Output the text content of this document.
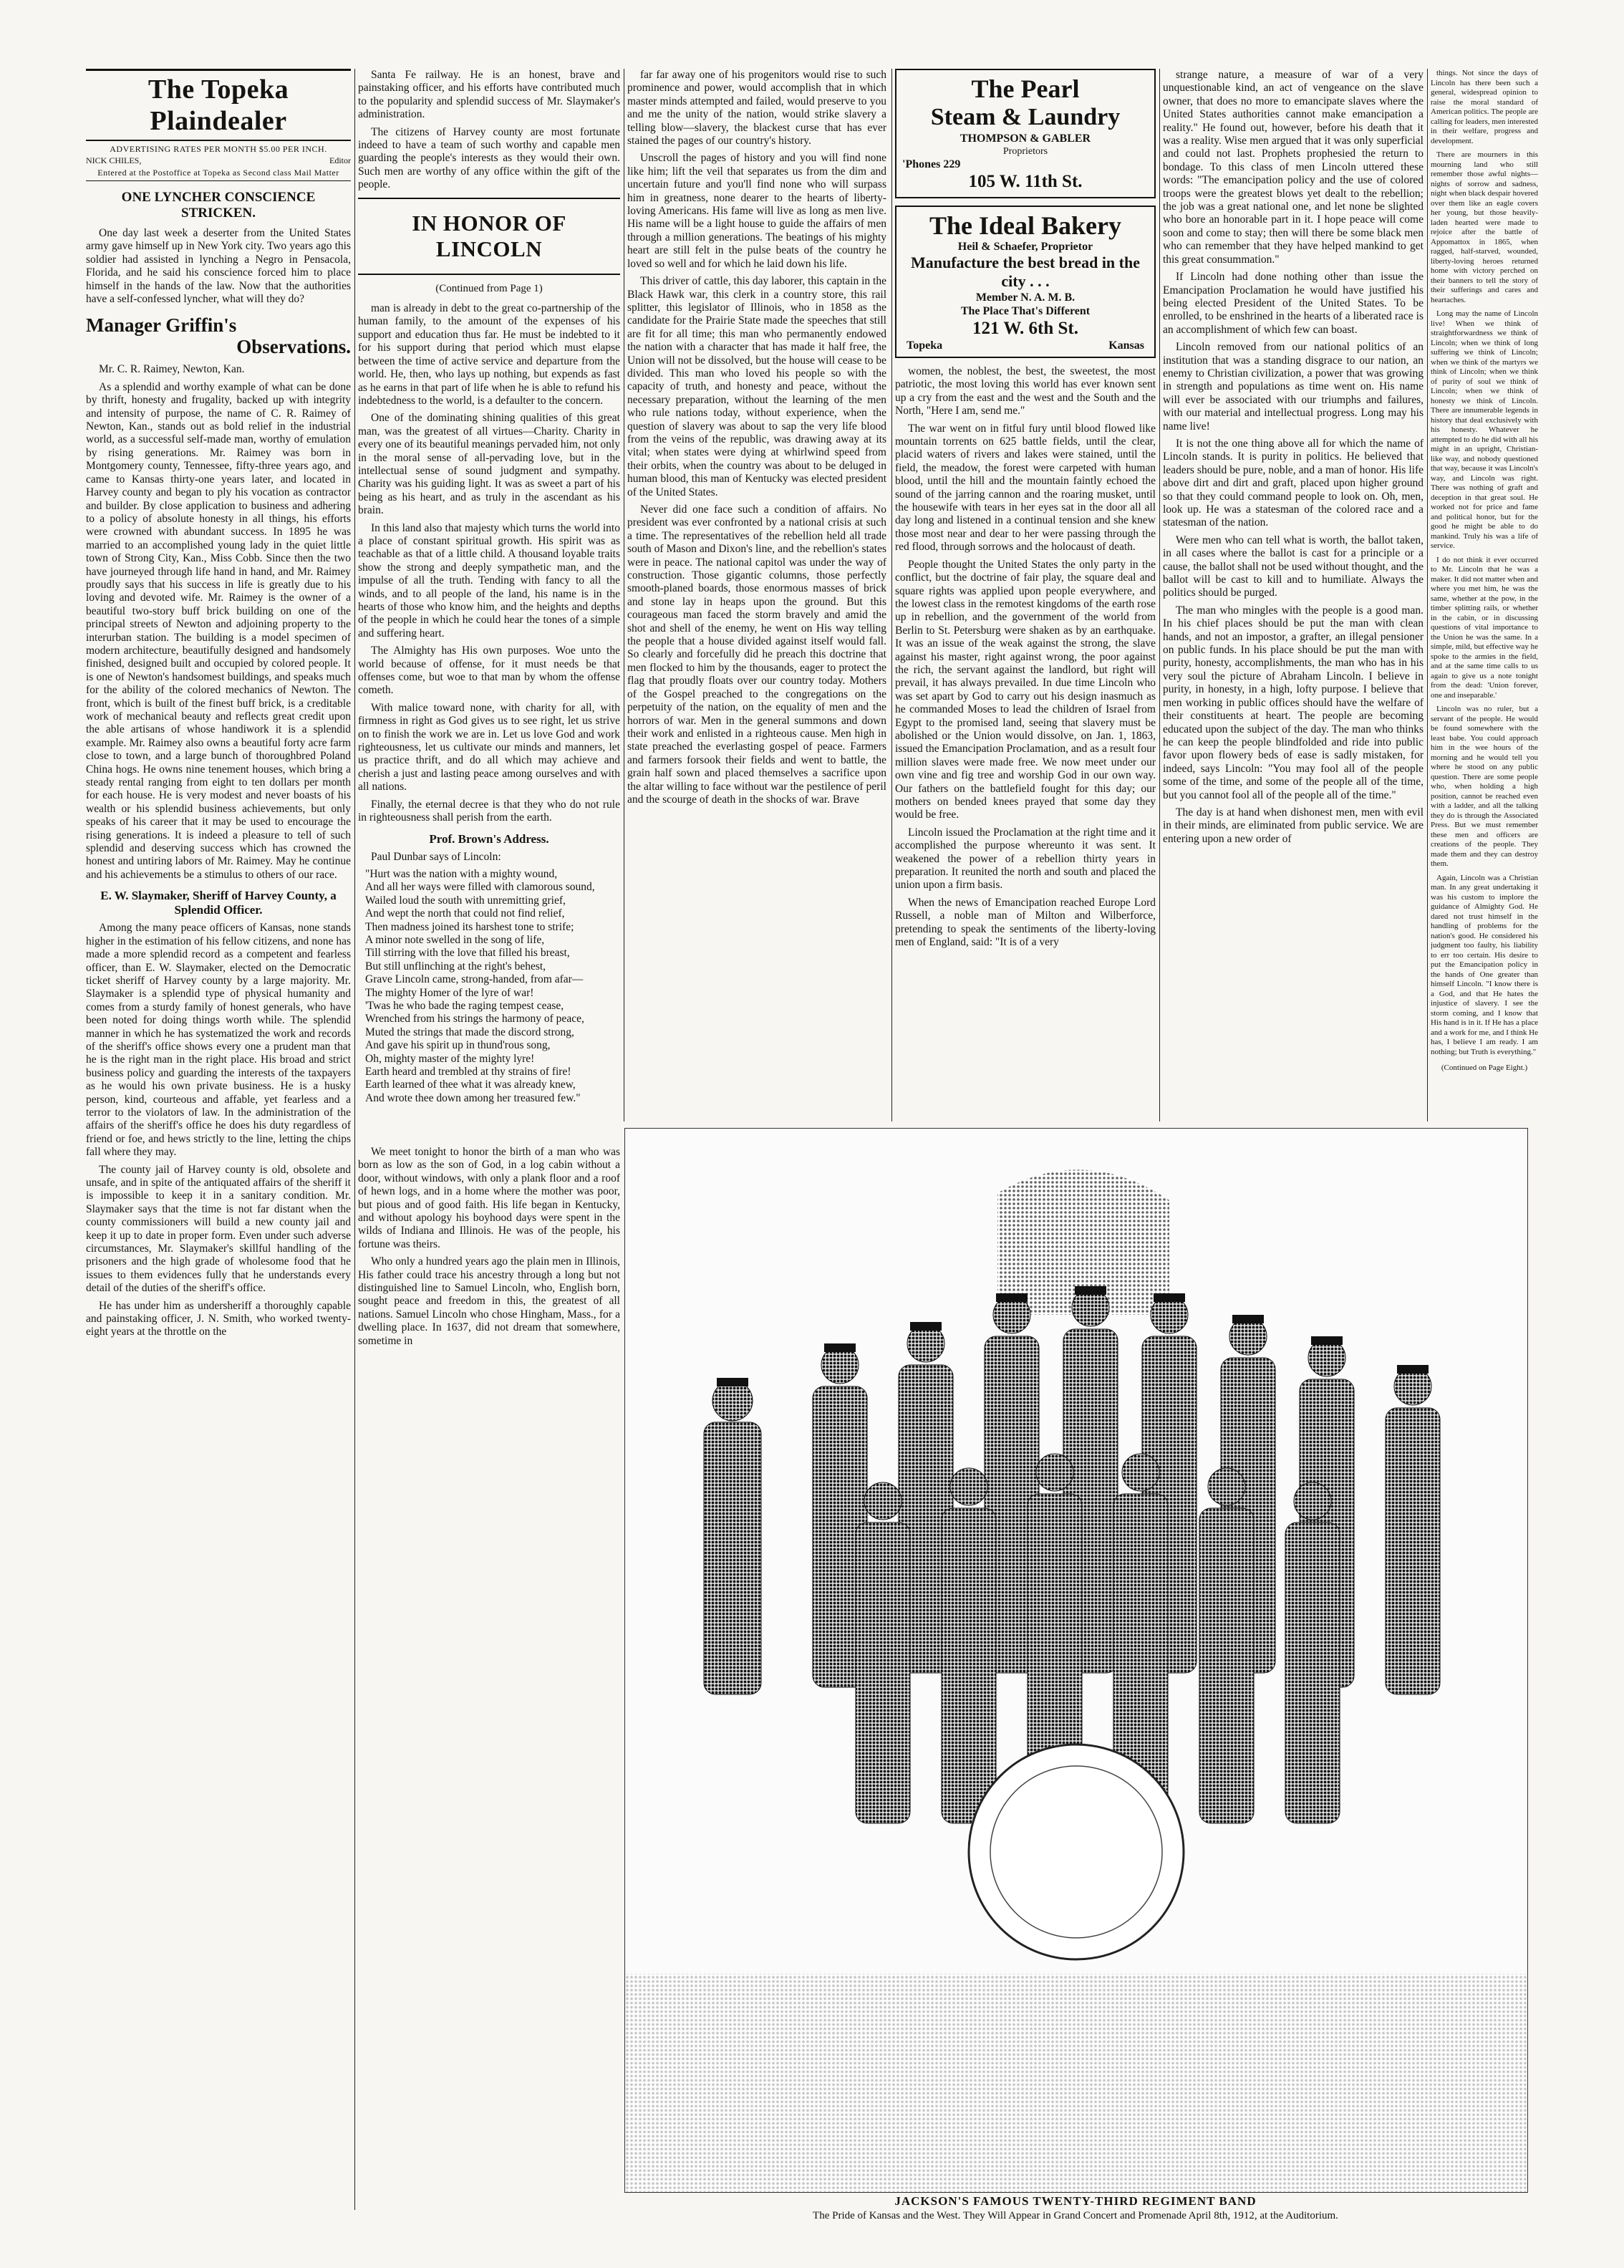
The Topeka Plaindealer

ADVERTISING RATES PER MONTH $5.00 PER INCH.

NICK CHILES,	Editor

Entered at the Postoffice at Topeka as Second class Mail Matter

ONE LYNCHER CONSCIENCE STRICKEN.

One day last week a deserter from the United States army gave himself up in New York city. Two years ago this soldier had assisted in lynching a Negro in Pensacola, Florida, and he said his conscience forced him to place himself in the hands of the law. Now that the authorities have a self-confessed lyncher, what will they do?

Manager Griffin's
Observations.

Mr. C. R. Raimey, Newton, Kan.

As a splendid and worthy example of what can be done by thrift, honesty and frugality, backed up with integrity and intensity of purpose, the name of C. R. Raimey of Newton, Kan., stands out as bold relief in the industrial world, as a successful self-made man, worthy of emulation by rising generations. Mr. Raimey was born in Montgomery county, Tennessee, fifty-three years ago, and came to Kansas thirty-one years later, and located in Harvey county and began to ply his vocation as contractor and builder. By close application to business and adhering to a policy of absolute honesty in all things, his efforts were crowned with abundant success. In 1895 he was married to an accomplished young lady in the quiet little town of Strong City, Kan., Miss Cobb. Since then the two have journeyed through life hand in hand, and Mr. Raimey proudly says that his success in life is greatly due to his loving and devoted wife. Mr. Raimey is the owner of a beautiful two-story buff brick building on one of the principal streets of Newton and adjoining property to the interurban station. The building is a model specimen of modern architecture, beautifully designed and handsomely finished, designed built and occupied by colored people. It is one of Newton's handsomest buildings, and speaks much for the ability of the colored mechanics of Newton. The front, which is built of the finest buff brick, is a creditable work of mechanical beauty and reflects great credit upon the able artisans of whose handiwork it is a splendid example. Mr. Raimey also owns a beautiful forty acre farm close to town, and a large bunch of thoroughbred Poland China hogs. He owns nine tenement houses, which bring a steady rental ranging from eight to ten dollars per month for each house. He is very modest and never boasts of his wealth or his splendid business achievements, but only speaks of his career that it may be used to encourage the rising generations. It is indeed a pleasure to tell of such splendid and deserving success which has crowned the honest and untiring labors of Mr. Raimey. May he continue and his achievements be a stimulus to others of our race.

E. W. Slaymaker, Sheriff of Harvey County, a Splendid Officer.

Among the many peace officers of Kansas, none stands higher in the estimation of his fellow citizens, and none has made a more splendid record as a competent and fearless officer, than E. W. Slaymaker, elected on the Democratic ticket sheriff of Harvey county by a large majority. Mr. Slaymaker is a splendid type of physical humanity and comes from a sturdy family of honest generals, who have been noted for doing things worth while. The splendid manner in which he has systematized the work and records of the sheriff's office shows every one a prudent man that he is the right man in the right place. His broad and strict business policy and guarding the interests of the taxpayers as he would his own private business. He is a husky person, kind, courteous and affable, yet fearless and a terror to the violators of law. In the administration of the affairs of the sheriff's office he does his duty regardless of friend or foe, and hews strictly to the line, letting the chips fall where they may.

The county jail of Harvey county is old, obsolete and unsafe, and in spite of the antiquated affairs of the sheriff it is impossible to keep it in a sanitary condition. Mr. Slaymaker says that the time is not far distant when the county commissioners will build a new county jail and keep it up to date in proper form. Even under such adverse circumstances, Mr. Slaymaker's skillful handling of the prisoners and the high grade of wholesome food that he issues to them evidences fully that he understands every detail of the duties of the sheriff's office.

He has under him as undersheriff a thoroughly capable and painstaking officer, J. N. Smith, who worked twenty-eight years at the throttle on the

Santa Fe railway. He is an honest, brave and painstaking officer, and his efforts have contributed much to the popularity and splendid success of Mr. Slaymaker's administration.

The citizens of Harvey county are most fortunate indeed to have a team of such worthy and capable men guarding the people's interests as they would their own. Such men are worthy of any office within the gift of the people.

IN HONOR OF LINCOLN

(Continued from Page 1)

man is already in debt to the great co-partnership of the human family, to the amount of the expenses of his support and education thus far. He must be indebted to it for his support during that period which must elapse between the time of active service and departure from the world. He, then, who lays up nothing, but expends as fast as he earns in that part of life when he is able to refund his indebtedness to the world, is a defaulter to the concern.

One of the dominating shining qualities of this great man, was the greatest of all virtues—Charity. Charity in every one of its beautiful meanings pervaded him, not only in the moral sense of all-pervading love, but in the intellectual sense of sound judgment and sympathy. Charity was his guiding light. It was as sweet a part of his being as his heart, and as truly in the ascendant as his brain.

In this land also that majesty which turns the world into a place of constant spiritual growth. His spirit was as teachable as that of a little child. A thousand loyable traits show the strong and deeply sympathetic man, and the impulse of all the truth. Tending with fancy to all the winds, and to all people of the land, his name is in the hearts of those who know him, and the heights and depths of the people in which he could hear the tones of a simple and suffering heart.

The Almighty has His own purposes. Woe unto the world because of offense, for it must needs be that offenses come, but woe to that man by whom the offense cometh.

With malice toward none, with charity for all, with firmness in right as God gives us to see right, let us strive on to finish the work we are in. Let us love God and work righteousness, let us cultivate our minds and manners, let us practice thrift, and do all which may achieve and cherish a just and lasting peace among ourselves and with all nations.

Finally, the eternal decree is that they who do not rule in righteousness shall perish from the earth.

Prof. Brown's Address.

Paul Dunbar says of Lincoln:

"Hurt was the nation with a mighty wound,

And all her ways were filled with clamorous sound,

Wailed loud the south with unremitting grief,

And wept the north that could not find relief,

Then madness joined its harshest tone to strife;

A minor note swelled in the song of life,

Till stirring with the love that filled his breast,

But still unflinching at the right's behest,

Grave Lincoln came, strong-handed, from afar—

The mighty Homer of the lyre of war!

'Twas he who bade the raging tempest cease,

Wrenched from his strings the harmony of peace,

Muted the strings that made the discord strong,

And gave his spirit up in thund'rous song,

Oh, mighty master of the mighty lyre!

Earth heard and trembled at thy strains of fire!

Earth learned of thee what it was already knew,

And wrote thee down among her treasured few."

We meet tonight to honor the birth of a man who was born as low as the son of God, in a log cabin without a door, without windows, with only a plank floor and a roof of hewn logs, and in a home where the mother was poor, but pious and of good faith. His life began in Kentucky, and without apology his boyhood days were spent in the wilds of Indiana and Illinois. He was of the people, his fortune was theirs.

Who only a hundred years ago the plain men in Illinois, His father could trace his ancestry through a long but not distinguished line to Samuel Lincoln, who, English born, sought peace and freedom in this, the greatest of all nations. Samuel Lincoln who chose Hingham, Mass., for a dwelling place. In 1637, did not dream that somewhere, sometime in

far far away one of his progenitors would rise to such prominence and power, would accomplish that in which master minds attempted and failed, would preserve to you and me the unity of the nation, would strike slavery a telling blow—slavery, the blackest curse that has ever stained the pages of our country's history.

Unscroll the pages of history and you will find none like him; lift the veil that separates us from the dim and uncertain future and you'll find none who will surpass him in greatness, none dearer to the hearts of liberty-loving Americans. His fame will live as long as men live. His name will be a light house to guide the affairs of men through a million generations. The beatings of his mighty heart are still felt in the pulse beats of the country he loved so well and for which he laid down his life.

This driver of cattle, this day laborer, this captain in the Black Hawk war, this clerk in a country store, this rail splitter, this legislator of Illinois, who in 1858 as the candidate for the Prairie State made the speeches that still are fit for all time; this man who permanently endowed the nation with a character that has made it half free, the Union will not be dissolved, but the house will cease to be divided. This man who loved his people so with the capacity of truth, and honesty and peace, without the necessary preparation, without the learning of the men who rule nations today, without experience, when the question of slavery was about to sap the very life blood from the veins of the republic, was drawing away at its vital; when states were dying at whirlwind speed from their orbits, when the country was about to be deluged in human blood, this man of Kentucky was elected president of the United States.

Never did one face such a condition of affairs. No president was ever confronted by a national crisis at such a time. The representatives of the rebellion held all trade south of Mason and Dixon's line, and the rebellion's states were in peace. The national capitol was under the way of construction. Those gigantic columns, those perfectly smooth-planed boards, those enormous masses of brick and stone lay in heaps upon the ground. But this courageous man faced the storm bravely and amid the shot and shell of the enemy, he went on His way telling the people that a house divided against itself would fall. So clearly and forcefully did he preach this doctrine that men flocked to him by the thousands, eager to protect the flag that proudly floats over our country today. Mothers of the Gospel preached to the congregations on the perpetuity of the nation, on the equality of men and the horrors of war. Men in the general summons and down their work and enlisted in a righteous cause. Men high in state preached the everlasting gospel of peace. Farmers and farmers forsook their fields and went to battle, the grain half sown and placed themselves a sacrifice upon the altar willing to face without war the pestilence of peril and the scourge of death in the shocks of war. Brave

The Pearl
Steam & Laundry
THOMPSON & GABLER
Proprietors
'Phones 229
105 W. 11th St.
The Ideal Bakery
Heil & Schaefer, Proprietor
Manufacture the best bread in the city . . .
Member N. A. M. B.
The Place That's Different
121 W. 6th St.
Topeka	Kansas

women, the noblest, the best, the sweetest, the most patriotic, the most loving this world has ever known sent up a cry from the east and the west and the South and the North, "Here I am, send me."

The war went on in fitful fury until blood flowed like mountain torrents on 625 battle fields, until the clear, placid waters of rivers and lakes were stained, until the field, the meadow, the forest were carpeted with human blood, until the hill and the mountain faintly echoed the sound of the jarring cannon and the roaring musket, until the housewife with tears in her eyes sat in the door all all day long and listened in a continual tension and she knew those most near and dear to her were passing through the red flood, through sorrows and the holocaust of death.

People thought the United States the only party in the conflict, but the doctrine of fair play, the square deal and square rights was applied upon people everywhere, and the lowest class in the remotest kingdoms of the earth rose up in rebellion, and the government of the world from Berlin to St. Petersburg were shaken as by an earthquake. It was an issue of the weak against the strong, the slave against his master, right against wrong, the poor against the rich, the servant against the landlord, but right will prevail, it has always prevailed. In due time Lincoln who was set apart by God to carry out his design inasmuch as he commanded Moses to lead the children of Israel from Egypt to the promised land, seeing that slavery must be abolished or the Union would dissolve, on Jan. 1, 1863, issued the Emancipation Proclamation, and as a result four million slaves were made free. We now meet under our own vine and fig tree and worship God in our own way. Our fathers on the battlefield fought for this day; our mothers on bended knees prayed that some day they would be free.

Lincoln issued the Proclamation at the right time and it accomplished the purpose whereunto it was sent. It weakened the power of a rebellion thirty years in preparation. It reunited the north and south and placed the union upon a firm basis.

When the news of Emancipation reached Europe Lord Russell, a noble man of Milton and Wilberforce, pretending to speak the sentiments of the liberty-loving men of England, said: "It is of a very

strange nature, a measure of war of a very unquestionable kind, an act of vengeance on the slave owner, that does no more to emancipate slaves where the United States authorities cannot make emancipation a reality." He found out, however, before his death that it was a reality. Wise men argued that it was only superficial and could not last. Prophets prophesied the return to bondage. To this class of men Lincoln uttered these words: "The emancipation policy and the use of colored troops were the greatest blows yet dealt to the rebellion; the job was a great national one, and let none be slighted who bore an honorable part in it. I hope peace will come soon and come to stay; then will there be some black men who can remember that they have helped mankind to get this great consummation."

If Lincoln had done nothing other than issue the Emancipation Proclamation he would have justified his being elected President of the United States. To be enrolled, to be enshrined in the hearts of a liberated race is an accomplishment of which few can boast.

Lincoln removed from our national politics of an institution that was a standing disgrace to our nation, an enemy to Christian civilization, a power that was growing in strength and populations as time went on. His name will ever be associated with our triumphs and failures, with our material and intellectual progress. Long may his name live!

It is not the one thing above all for which the name of Lincoln stands. It is purity in politics. He believed that leaders should be pure, noble, and a man of honor. His life above dirt and dirt and graft, placed upon higher ground so that they could command people to look on. Oh, men, look up. He was a statesman of the colored race and a statesman of the nation.

Were men who can tell what is worth, the ballot taken, in all cases where the ballot is cast for a principle or a cause, the ballot shall not be used without thought, and the ballot will be cast to kill and to humiliate. Always the politics should be purged.

The man who mingles with the people is a good man. In his chief places should be put the man with clean hands, and not an impostor, a grafter, an illegal pensioner on public funds. In his place should be put the man with purity, honesty, accomplishments, the man who has in his very soul the picture of Abraham Lincoln. I believe in purity, in honesty, in a high, lofty purpose. I believe that men working in public offices should have the welfare of their constituents at heart. The people are becoming educated upon the subject of the day. The man who thinks he can keep the people blindfolded and ride into public favor upon flowery beds of ease is sadly mistaken, for indeed, says Lincoln: "You may fool all of the people some of the time, and some of the people all of the time, but you cannot fool all of the people all of the time."

The day is at hand when dishonest men, men with evil in their minds, are eliminated from public service. We are entering upon a new order of

things. Not since the days of Lincoln has there been such a general, widespread opinion to raise the moral standard of American politics. The people are calling for leaders, men interested in their welfare, progress and development.

There are mourners in this mourning land who still remember those awful nights—nights of sorrow and sadness, night when black despair hovered over them like an eagle covers her young, but those heavily-laden hearted were made to rejoice after the battle of Appomattox in 1865, when ragged, half-starved, wounded, liberty-loving heroes returned home with victory perched on their banners to tell the story of their sufferings and cares and heartaches.

Long may the name of Lincoln live! When we think of straightforwardness we think of Lincoln; when we think of long suffering we think of Lincoln; when we think of the martyrs we think of Lincoln; when we think of purity of soul we think of Lincoln; when we think of honesty we think of Lincoln. There are innumerable legends in history that deal exclusively with his honesty. Whatever he attempted to do he did with all his might in an upright, Christian-like way, and nobody questioned that way, because it was Lincoln's way, and Lincoln was right. There was nothing of graft and deception in that great soul. He worked not for price and fame and political honor, but for the good he might be able to do mankind. Truly his was a life of service.

I do not think it ever occurred to Mr. Lincoln that he was a maker. It did not matter when and where you met him, he was the same, whether at the pow, in the timber splitting rails, or whether in the cabin, or in discussing questions of vital importance to the Union he was the same. In a simple, mild, but effective way he spoke to the armies in the field, and at the same time calls to us again to give us a note tonight from the dead: 'Union forever, one and inseparable.'

Lincoln was no ruler, but a servant of the people. He would be found somewhere with the least babe. You could approach him in the wee hours of the morning and he would tell you where he stood on any public question. There are some people who, when holding a high position, cannot be reached even with a ladder, and all the talking they do is through the Associated Press. But we must remember these men and officers are creations of the people. They made them and they can destroy them.

Again, Lincoln was a Christian man. In any great undertaking it was his custom to implore the guidance of Almighty God. He dared not trust himself in the handling of problems for the nation's good. He considered his judgment too faulty, his liability to err too certain. His desire to put the Emancipation policy in the hands of One greater than himself Lincoln. "I know there is a God, and that He hates the injustice of slavery. I see the storm coming, and I know that His hand is in it. If He has a place and a work for me, and I think He has, I believe I am ready. I am nothing; but Truth is everything."

(Continued on Page Eight.)

JACKSON'S FAMOUS TWENTY-THIRD REGIMENT BAND
The Pride of Kansas and the West. They Will Appear in Grand Concert and Promenade April 8th, 1912, at the Auditorium.
